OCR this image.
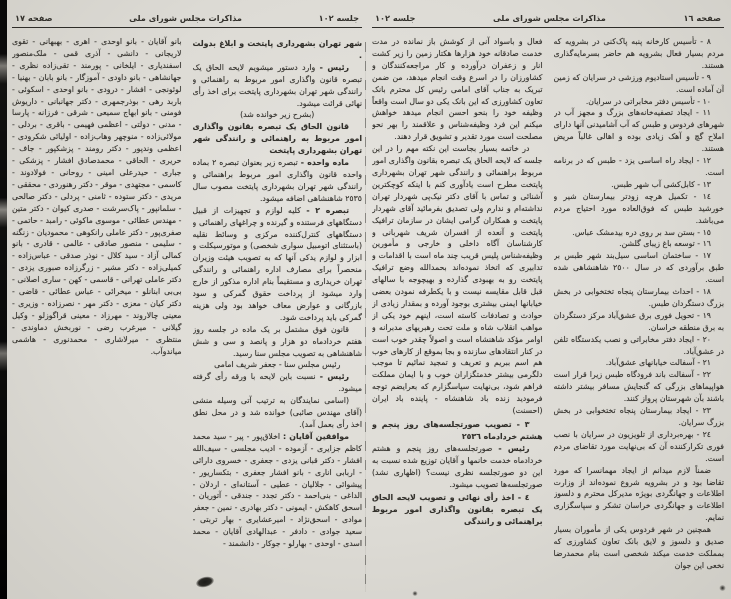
صفحه ١٦
مذاکرات مجلس شورای ملی
جلسه ١٠٢

٨ - تأسیس کارخانه پنبه پاک‌کنی در بشرویه که مردم بسیار فعال بشرویه هم حاضر بسرمایه‌گذاری هستند.

٩ - تأسیس استادیوم ورزشی در سرایان که زمین آن آماده است.

١٠ - تأسیس دفتر مخابراتی در سرایان.

١١ - ایجاد تصفیه‌خانه‌های بزرگ و مجهز آب در شهرهای فردوس و طبس که آب آشامیدنی آنها دارای املاح گچ و آهک زیادی بوده و اهالی غالباً مریض هستند.

١٢ - ایجاد راه اساسی یزد - طبس که در برنامه است.

١٣ - کابل‌کشی آب شهر طبس.

١٤ - تکمیل هرچه زودتر بیمارستان شیر و خورشید طبس که فوق‌العاده مورد احتیاج مردم می‌باشد.

١٥ - بستن سد بر روی دره بیدمشک عباس.

١٦ - توسعه باغ زیبای گلشن.

١٧ - ساختمان اساسی سیل‌بند شهر طبس بر طبق برآوردی که در سال ٢٥٠٠ شاهنشاهی شده است.

١٨ - احداث بیمارستان پنجاه تختخوابی در بخش بزرگ دستگردان طبس.

١٩ - تحویل فوری برق عشق‌آباد مرکز دستگردان به برق منطقه خراسان.

٢٠ - ایجاد دفتر مخابراتی و نصب یکدستگاه تلفن در عشق‌آباد.

٢١ - آسفالت خیابانهای عشق‌آباد.

٢٢ - آسفالت باند فرودگاه طبس زیرا قرار است هواپیماهای بزرگی که گنجایش مسافر بیشتر داشته باشند بآن شهرستان پرواز کنند.

٢٣ - ایجاد بیمارستان پنجاه تختخوابی در بخش بزرگ سرایان.

٢٤ - بهره‌برداری از تلویزیون در سرایان با نصب فوری تکرارکننده آن که بی‌نهایت مورد تقاضای مردم است.

ضمناً لازم میدانم از ایجاد مهمانسرا که مورد تقاضا بود و در بشرویه شروع نموده‌اند از وزارت اطلاعات و جهانگردی بویژه مدیرکل محترم و دلسوز اطلاعات و جهانگردی خراسان تشکر و سپاسگزاری نمایم.

همچنین در شهر فردوس یکی از مأموران بسیار صدیق و دلسوز و لایق بانک تعاون کشاورزی که بمملکت خدمت میکند شخصی است بنام محمدرضا نخعی این جوان

فعال و باسواد آنی از کوشش باز نمانده در مدت خدمت صادقانه خود هزارها هکتار زمین را زیر کشت انار و زعفران درآورده و کار مراجعه‌کنندگان و کشاورزان را در اسرع وقت انجام میدهد، من ضمن تبریک به جناب آقای امامی رئیس کل محترم بانک تعاون کشاورزی که این بانک یکی دو سال است واقعاً وظیفه خود را بنحو احسن انجام میدهد خواهش میکنم این فرد وظیفه‌شناس و علاقمند را بهر نحو مصلحت است مورد تقدیر و تشویق قرار دهند.

در خاتمه بسیار بجاست این نکته مهم را در این جلسه که لایحه الحاق یک تبصره بقانون واگذاری امور مربوط براهنمائی و رانندگی شهر تهران بشهرداری پایتخت مطرح است یادآوری کنم با اینکه کوچکترین آشنائی و تماس با آقای دکتر نیک‌پی شهردار تهران نداشته‌ام و ندارم ولی تصدیق بفرمائید آقای شهردار پایتخت و همکاران گرامی ایشان در سازمان ترافیک پایتخت و آنعده از افسران شریف شهربانی و کارشناسان آگاه داخلی و خارجی و مأمورین وظیفه‌شناس پلیس قریب چند ماه است با اقدامات و تدابیری که اتخاذ نموده‌اند بحمدالله وضع ترافیک پایتخت رو به بهبودی گذارده و بهیچوجه با سالهای قبل قابل مقایسه نیست و با یکطرفه نمودن بعضی خیابانها ایمنی بیشتری بوجود آورده و بمقدار زیادی از حوادث و تصادفات کاسته است، اینهم خود یکی از مواهب انقلاب شاه و ملت تحت رهبریهای مدبرانه و اوامر مؤکد شاهنشاه است و اصولاً چقدر خوب است در کنار انتقادهای سازنده و بجا بموقع از کارهای خوب هم اسم ببریم و تعریف و تمجید نمائیم تا موجب دلگرمی بیشتر خدمتگزاران خوب و با ایمان مملکت فراهم شود، بی‌نهایت سپاسگزارم که بعرایضم توجه فرمودید زنده باد شاهنشاه - پاینده باد ایران (احسنت)

٣ - تصویب صورتجلسه‌های روز پنجم و هشتم خردادماه ٢٥٣٦

رئیس - صورتجلسه‌های روز پنجم و هشتم خردادماه خدمت خانمها و آقایان توزیع شده نسبت به این دو صورتجلسه نظری نیست؟ (اظهاری نشد) صورتجلسه‌ها تصویب میشود.

٤ - اخذ رأی نهائی و تصویب لایحه الحاق یک تبصره بقانون واگذاری امور مربوط براهنمائی و رانندگی

جلسه ١٠٢
مذاکرات مجلس شورای ملی
صفحه ١٧

شهر تهران بشهرداری پایتخت و ابلاغ بدولت .

رئیس - وارد دستور میشویم لایحه الحاق یک تبصره قانون واگذاری امور مربوط به راهنمائی و رانندگی شهر تهران بشهرداری پایتخت برای اخذ رأی نهائی قرائت میشود.

(بشرح زیر خوانده شد)

قانون الحاق یک تبصره بقانون واگذاری امور مربوط به راهنمائی و رانندگی شهر تهران بشهرداری پایتخت

ماده واحده - تبصره زیر بعنوان تبصره ٢ بماده واحده قانون واگذاری امور مربوط براهنمائی و رانندگی شهر تهران بشهرداری پایتخت مصوب سال ٢٥٣٥ شاهنشاهی اضافه میشود.

تبصره ٢ - کلیه لوازم و تجهیزات از قبیل دستگاههای فرستنده و گیرنده و چراغهای راهنمائی و دستگاههای کنترل‌کننده مرکزی و وسائط نقلیه (باستثنای اتومبیل سواری شخصی) و موتورسیکلت و ابزار و لوازم یدکی آنها که به تصویب هیئت وزیران منحصراً برای مصارف اداره راهنمائی و رانندگی تهران خریداری و مستقیماً بنام اداره مذکور از خارج وارد میشود از پرداخت حقوق گمرکی و سود بازرگانی و عوارض معاف خواهد بود ولی هزینه گمرکی باید پرداخت شود.

قانون فوق مشتمل بر یک ماده در جلسه روز هفتم خردادماه دو هزار و پانصد و سی و شش شاهنشاهی به تصویب مجلس سنا رسید.

رئیس مجلس سنا - جعفر شریف امامی

رئیس - نسبت باین لایحه با ورقه رأی گرفته میشود.

(اسامی نمایندگان به ترتیب آتی وسیله منشی (آقای مهندس صائبی) خوانده شد و در محل نطق اخذ رأی بعمل آمد).

موافقین آقایان : اخلاق‌پور - پیر - سید محمد کاظم جزایری - آزموده - ادیب مجلسی - سیف‌الله افشار - دکتر قبانی یزدی - جعفری - خسروی دارائی - اربابی اناری - بانو افشار جعفری - بتکساریور - پیشوائی - جلالیان - عطیی - آستانه‌ای - اردلان - الداغی - بنی‌احمد - دکتر تجدد - جندقی - آتوریان - اسحق کاهکش - ایمونی - دکتر بهادری - نمین - جعفر موادی - اسحق‌نژاد - امیرعشایری - بهار تربتی - سعید جوادی - دادفر - عبدالهادی آقایان - محمد اسدی - اوحدی - بهارلو - جوکار - دانشمند -

بانو آقایان - بانو اوحدی - اهری - بهبهانی - تقوی لاریجانی - دانشی - آذری قمی - ملک‌منصور اسفندیاری - ایلخانی - پورمند - تقی‌زاده نظری - جهانشاهی - بانو داودی - آموزگار - بانو بابان - بهنیا - لوئونجی - افشار - درودی - بانو اوحدی - اسکوئی - باربد رهی - بوذرجمهری - دکتر جهانبانی - داریوش فومنی - بانو ابهاج سمیعی - شرقی - فرزانه - پارسا - مدنی - دولتی - اعظمی فهیمی - باقری - بردلی - مولائی‌زاده - منوچهر وهاب‌زاده - اولیائی شکرودی - اعظمی وندپور - دکتر رومند - پزشکپور - جاف - حریری - الحاقی - محمدصادق افشار - پزشکی - جباری - حیدرعلی امینی - روحانی - فولادوند - کاسمی - مجتهدی - موقر - دکتر رهنوردی - محققی - مریدی - دکتر ستوده - ثامنی - پردلی - دکتر صالحی - سلمانپور - پاک‌سرشت - صدری کیوان - دکتر متین - مهندس عطائی - موسوی ماکوئی - رامبد - حاتمی - صفری‌پور - دکتر عاملی رانکوهی - محمودیان - زنگنه - سلیمی - منصور صادقی - عالمی - قادری - بانو کمالی آزاد - سید کلال - نوذر صدقی - عباس‌زاده - کمیلی‌زاده - دکتر مشیر - زرگرزاده صبوری یزدی - دکتر عاملی تهرانی - قاسمی - کهن - ساری اصلانی - بی‌بی ابنانلو - میخرائی - عباس عطائی - قاضی - دکتر کیان - معزی - دکتر مهر - نصرزاده - وزیری - معینی چالاروند - مهرزاد - معینی قراگوزلو - وکیل گیلانی - میرغرب رضی - نوربخش دماوندی - منتظری - میرلاشاری - محمدنوری - هاشمی میاندوآب.
